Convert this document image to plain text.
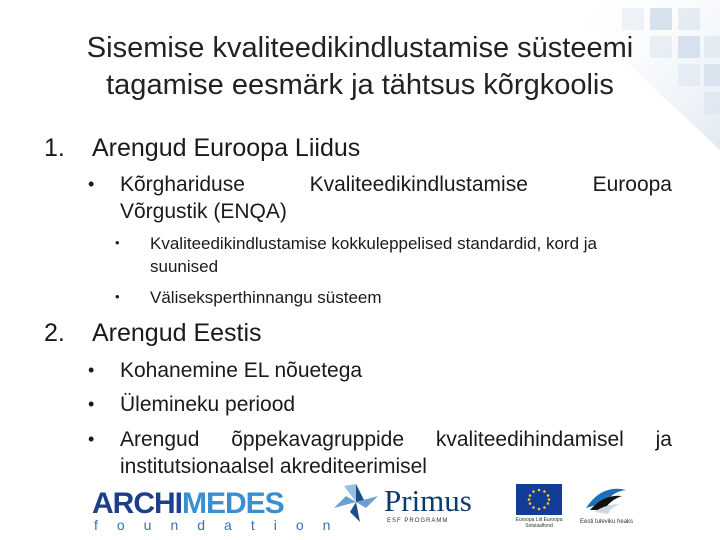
Sisemise kvaliteedikindlustamise süsteemi
tagamise eesmärk ja tähtsus kõrgkoolis
1. Arengud Euroopa Liidus
• Kõrghariduse Kvaliteedikindlustamise Euroopa
Võrgustik (ENQA)
• Kvaliteedikindlustamise kokkuleppelised standardid, kord ja
suunised
• Väliseksperthinnangu süsteem
2. Arengud Eestis
• Kohanemine EL nõuetega
• Ülemineku periood
• Arengud õppekavagruppide kvaliteedihindamisel ja
institutsionaalsel akrediteerimisel
ARCHIMEDES
foundation
Primus
ESF PROGRAMM	Euroopa Liit Euroopa Sotsiaalfond
Eesti tuleviku heaks
